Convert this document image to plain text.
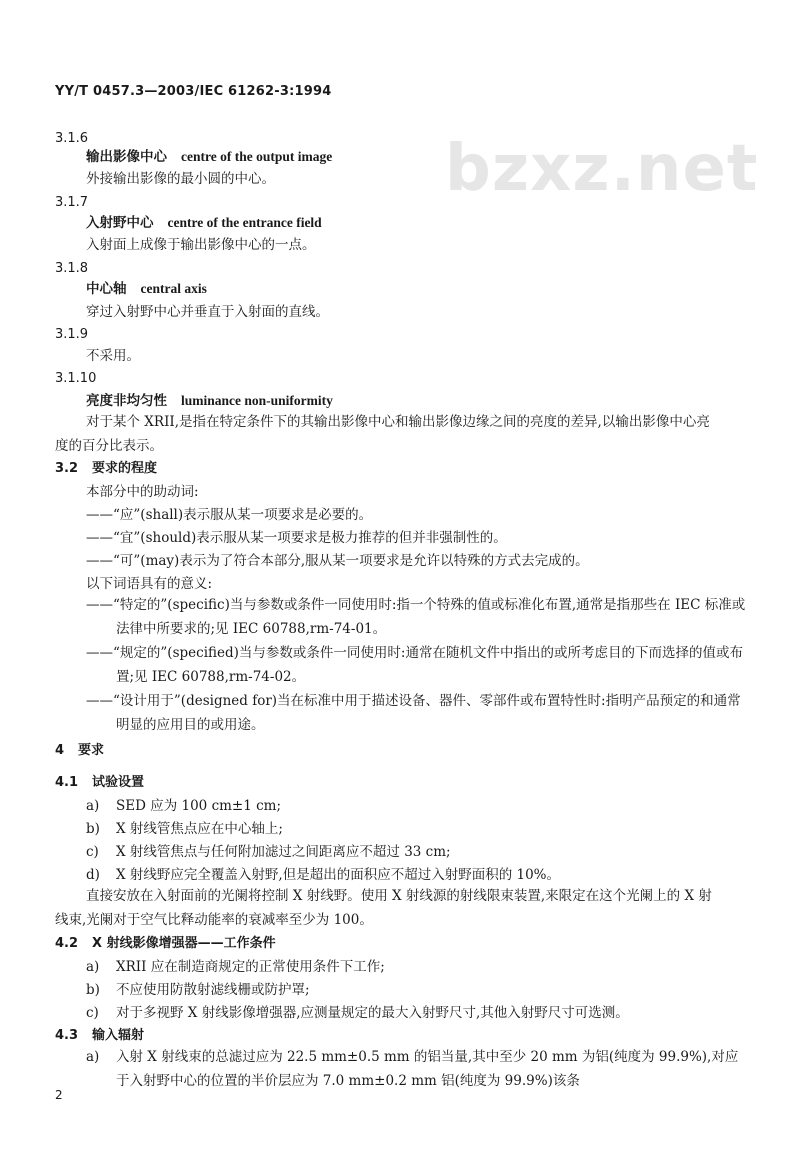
YY/T 0457.3—2003/IEC 61262-3:1994
bzxz.net
3.1.6
输出影像中心 centre of the output image
外接输出影像的最小圆的中心。
3.1.7
入射野中心 centre of the entrance field
入射面上成像于输出影像中心的一点。
3.1.8
中心轴 central axis
穿过入射野中心并垂直于入射面的直线。
3.1.9
不采用。
3.1.10
亮度非均匀性 luminance non-uniformity
对于某个 XRII,是指在特定条件下的其输出影像中心和输出影像边缘之间的亮度的差异,以输出影像中心亮度的百分比表示。
3.2 要求的程度
本部分中的助动词:
——“应”(shall)表示服从某一项要求是必要的。
——“宜”(should)表示服从某一项要求是极力推荐的但并非强制性的。
——“可”(may)表示为了符合本部分,服从某一项要求是允许以特殊的方式去完成的。
以下词语具有的意义:
——“特定的”(specific)当与参数或条件一同使用时:指一个特殊的值或标准化布置,通常是指那些在 IEC 标准或法律中所要求的;见 IEC 60788,rm-74-01。
——“规定的”(specified)当与参数或条件一同使用时:通常在随机文件中指出的或所考虑目的下而选择的值或布置;见 IEC 60788,rm-74-02。
——“设计用于”(designed for)当在标准中用于描述设备、器件、零部件或布置特性时:指明产品预定的和通常明显的应用目的或用途。
4 要求
4.1 试验设置
a) SED 应为 100 cm±1 cm;
b) X 射线管焦点应在中心轴上;
c) X 射线管焦点与任何附加滤过之间距离应不超过 33 cm;
d) X 射线野应完全覆盖入射野,但是超出的面积应不超过入射野面积的 10%。
直接安放在入射面前的光阑将控制 X 射线野。使用 X 射线源的射线限束装置,来限定在这个光阑上的 X 射线束,光阑对于空气比释动能率的衰减率至少为 100。
4.2 X 射线影像增强器——工作条件
a) XRII 应在制造商规定的正常使用条件下工作;
b) 不应使用防散射滤线栅或防护罩;
c) 对于多视野 X 射线影像增强器,应测量规定的最大入射野尺寸,其他入射野尺寸可选测。
4.3 输入辐射
a) 入射 X 射线束的总滤过应为 22.5 mm±0.5 mm 的铝当量,其中至少 20 mm 为铝(纯度为 99.9%),对应于入射野中心的位置的半价层应为 7.0 mm±0.2 mm 铝(纯度为 99.9%)该条
2
